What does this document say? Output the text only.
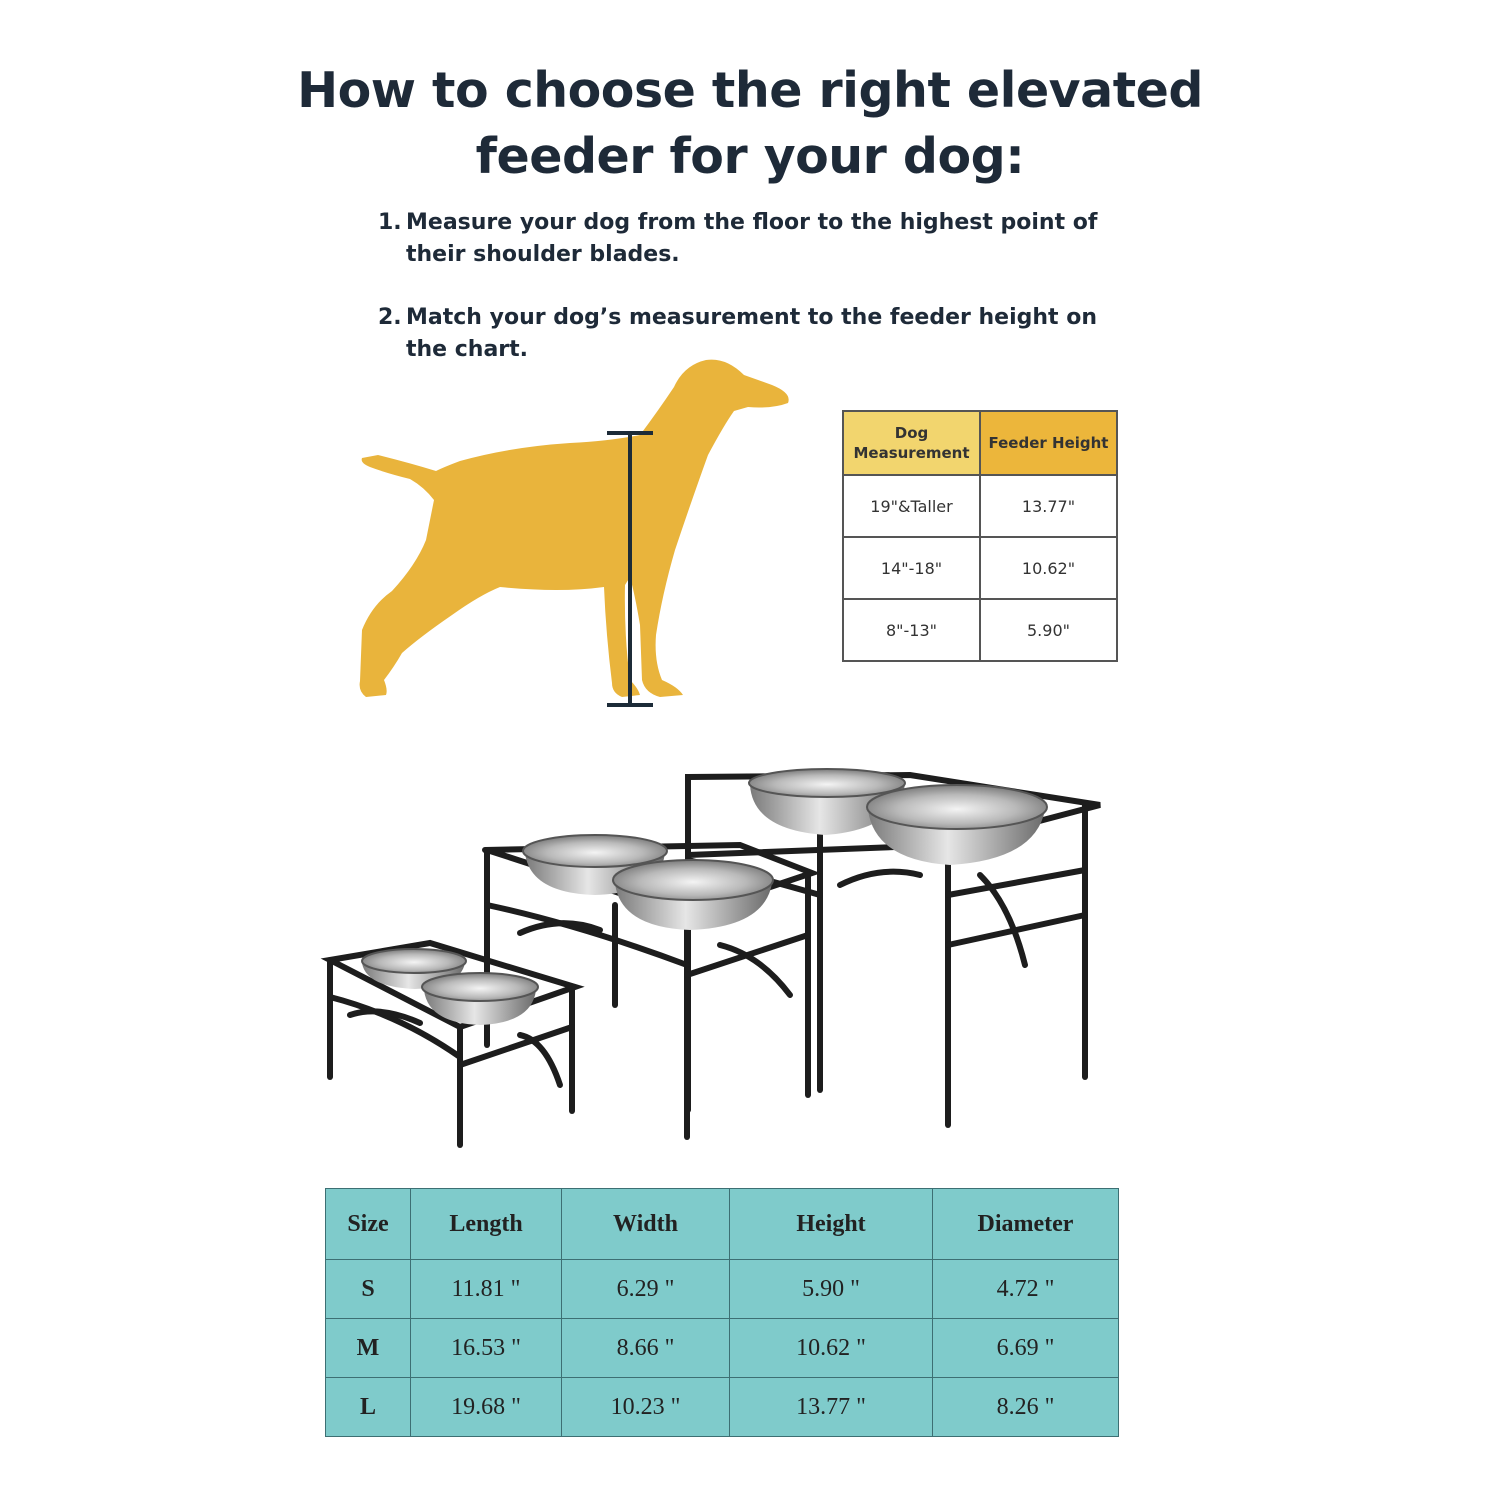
How to choose the right elevated
feeder for your dog:
1. Measure your dog from the floor to the highest point of their shoulder blades.
2. Match your dog’s measurement to the feeder height on the chart.
Dog Measurement	Feeder Height
19"&Taller	13.77"
14"-18"	10.62"
8"-13"	5.90"
Size	Length	Width	Height	Diameter
S	11.81 "	6.29 "	5.90 "	4.72 "
M	16.53 "	8.66 "	10.62 "	6.69 "
L	19.68 "	10.23 "	13.77 "	8.26 "
